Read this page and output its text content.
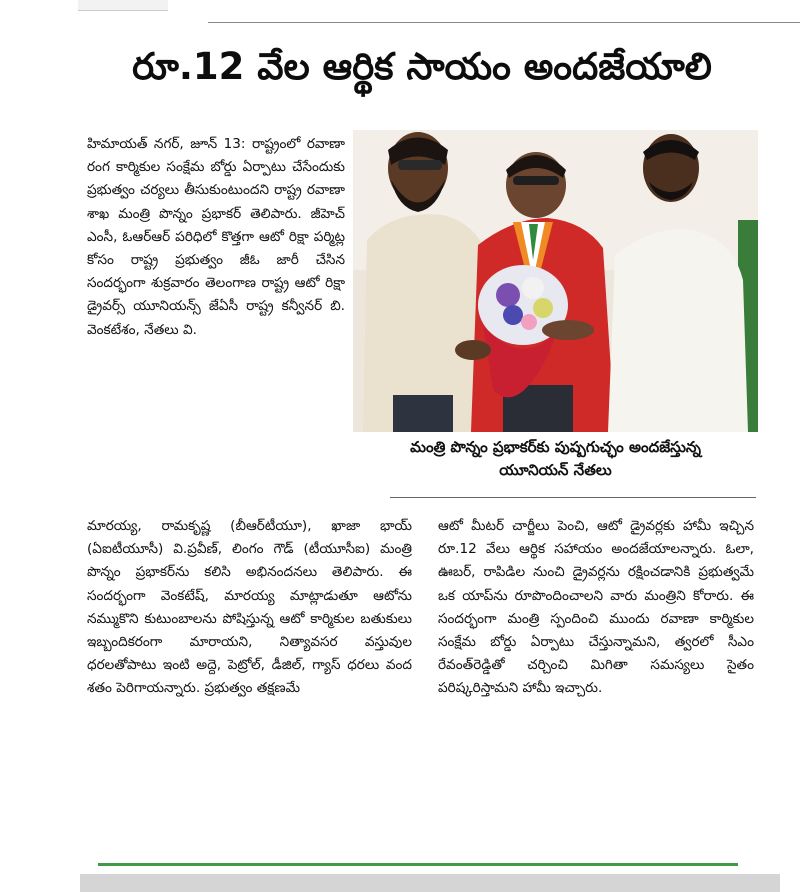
రూ.12 వేల ఆర్థిక సాయం అందజేయాలి

హిమాయత్ నగర్, జూన్ 13: రాష్ట్రంలో రవాణా రంగ కార్మికుల సంక్షేమ బోర్డు ఏర్పాటు చేసేందుకు ప్రభుత్వం చర్యలు తీసుకుంటుందని రాష్ట్ర రవాణా శాఖ మంత్రి పొన్నం ప్రభాకర్ తెలిపారు. జీహెచ్ ఎంసీ, ఓఆర్ఆర్ పరిధిలో కొత్తగా ఆటో రిక్షా పర్మిట్ల కోసం రాష్ట్ర ప్రభుత్వం జీఓ జారీ చేసిన సందర్భంగా శుక్రవారం తెలంగాణ రాష్ట్ర ఆటో రిక్షా డ్రైవర్స్ యూనియన్స్ జేఏసీ రాష్ట్ర కన్వీనర్ బి. వెంకటేశం, నేతలు వి.

మంత్రి పొన్నం ప్రభాకర్‌కు పుష్పగుచ్ఛం అందజేస్తున్న
యూనియన్ నేతలు

మారయ్య, రామకృష్ణ (బీఆర్‌టీయూ), ఖాజా భాయ్ (ఏఐటీయూసీ) వి.ప్రవీణ్, లింగం గౌడ్ (టీయూసీఐ) మంత్రి పొన్నం ప్రభాకర్‌ను కలిసి అభినందనలు తెలిపారు. ఈ సందర్భంగా వెంకటేష్, మారయ్య మాట్లాడుతూ ఆటోను నమ్ముకొని కుటుంబాలను పోషిస్తున్న ఆటో కార్మికుల బతుకులు ఇబ్బందికరంగా మారాయని, నిత్యావసర వస్తువుల ధరలతోపాటు ఇంటి అద్దె, పెట్రోల్, డీజిల్, గ్యాస్ ధరలు వంద శతం పెరిగాయన్నారు. ప్రభుత్వం తక్షణమే

ఆటో మీటర్ చార్జీలు పెంచి, ఆటో డ్రైవర్లకు హామీ ఇచ్చిన రూ.12 వేలు ఆర్థిక సహాయం అందజేయాలన్నారు. ఓలా, ఊబర్, రాపిడిల నుంచి డ్రైవర్లను రక్షించడానికి ప్రభుత్వమే ఒక యాప్‌ను రూపొందించాలని వారు మంత్రిని కోరారు. ఈ సందర్భంగా మంత్రి స్పందించి ముందు రవాణా కార్మికుల సంక్షేమ బోర్డు ఏర్పాటు చేస్తున్నామని, త్వరలో సీఎం రేవంత్‌రెడ్డితో చర్చించి మిగితా సమస్యలు సైతం పరిష్కరిస్తామని హామీ ఇచ్చారు.
